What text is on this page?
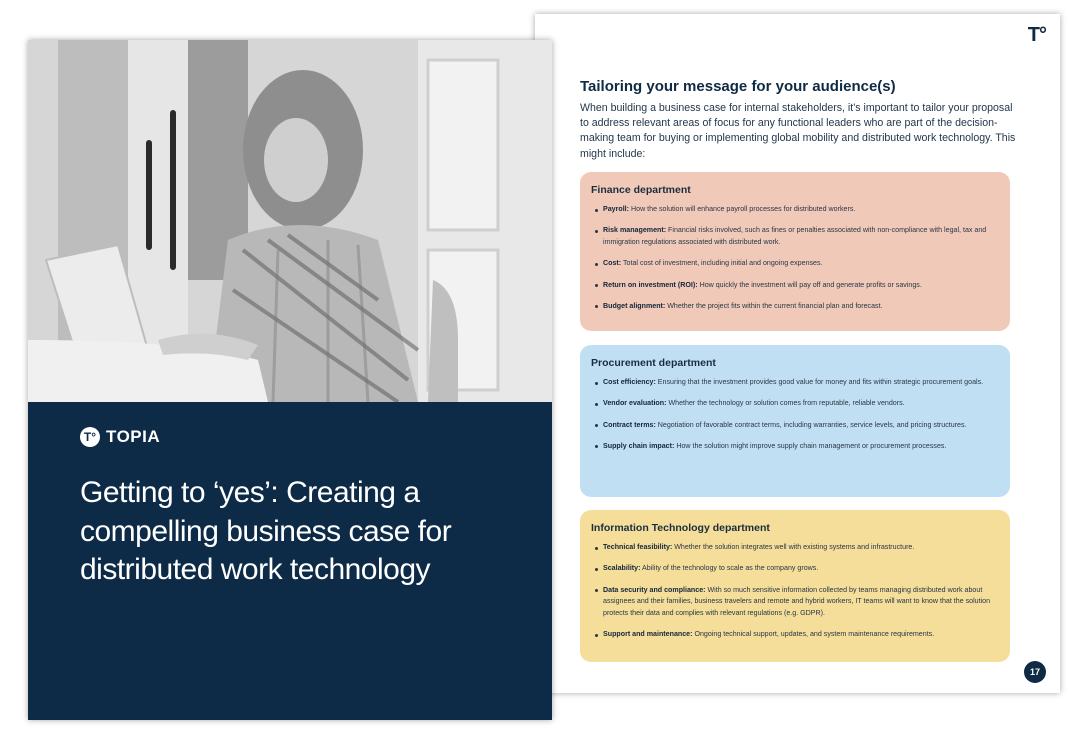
T°
Tailoring your message for your audience(s)
When building a business case for internal stakeholders, it's important to tailor your proposal to address relevant areas of focus for any functional leaders who are part of the decision-making team for buying or implementing global mobility and distributed work technology. This might include:
Finance department
Payroll: How the solution will enhance payroll processes for distributed workers.
Risk management: Financial risks involved, such as fines or penalties associated with non-compliance with legal, tax and immigration regulations associated with distributed work.
Cost: Total cost of investment, including initial and ongoing expenses.
Return on investment (ROI): How quickly the investment will pay off and generate profits or savings.
Budget alignment: Whether the project fits within the current financial plan and forecast.
Procurement department
Cost efficiency: Ensuring that the investment provides good value for money and fits within strategic procurement goals.
Vendor evaluation: Whether the technology or solution comes from reputable, reliable vendors.
Contract terms: Negotiation of favorable contract terms, including warranties, service levels, and pricing structures.
Supply chain impact: How the solution might improve supply chain management or procurement processes.
Information Technology department
Technical feasibility: Whether the solution integrates well with existing systems and infrastructure.
Scalability: Ability of the technology to scale as the company grows.
Data security and compliance: With so much sensitive information collected by teams managing distributed work about assignees and their families, business travelers and remote and hybrid workers, IT teams will want to know that the solution protects their data and complies with relevant regulations (e.g. GDPR).
Support and maintenance: Ongoing technical support, updates, and system maintenance requirements.
17
T° TOPIA
Getting to ‘yes’: Creating a compelling business case for distributed work technology
